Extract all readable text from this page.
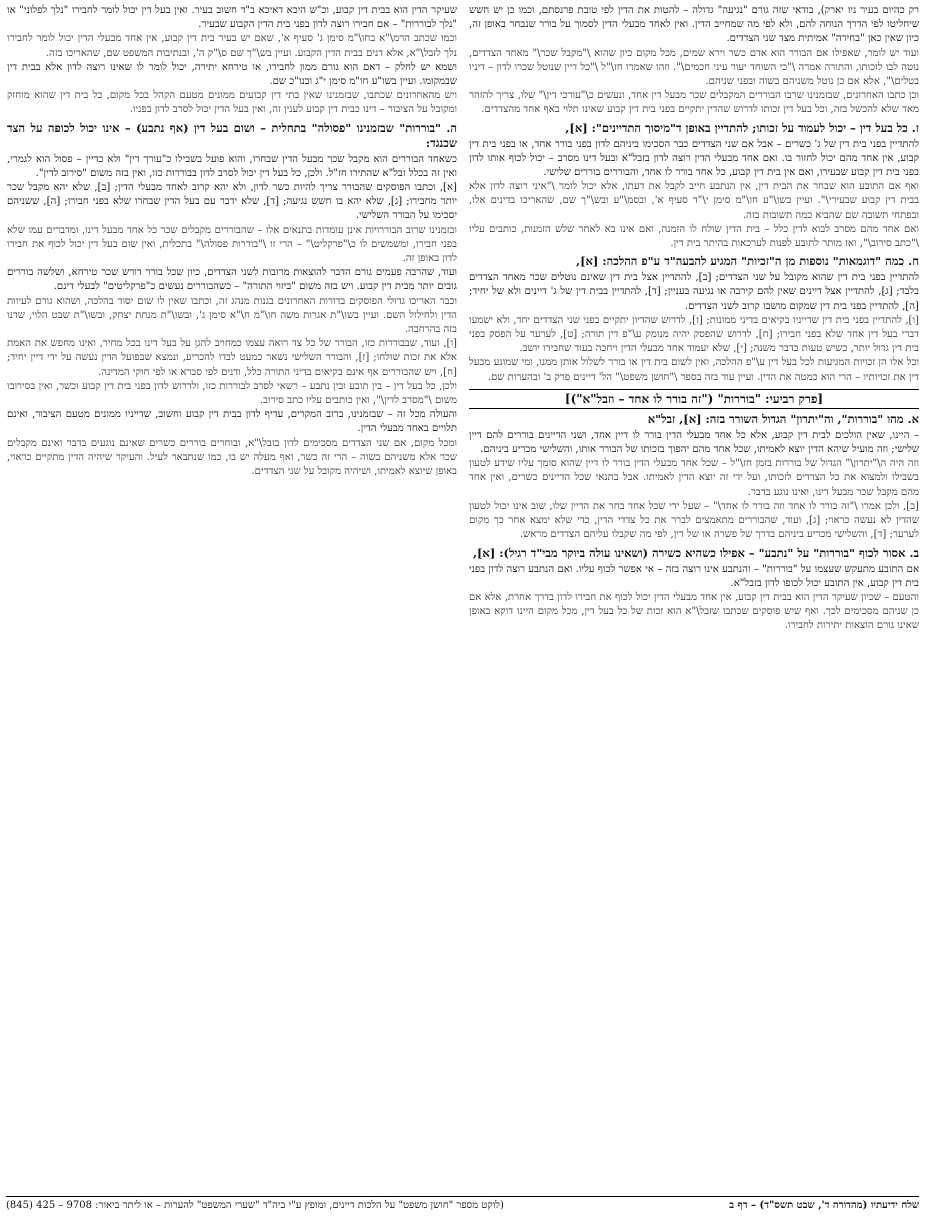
רק כהיום בעיר ניו יארק), בודאי שזה גורם "נגיעה" גדולה – להטות את הדין לפי טובת פרנסתם, וכמו כן יש חשש שיחליטו לפי הדרך הנוחה להם, ולא לפי מה שמחייב הדין. ואין לאחד מבעלי הדין לסמוך על בורר שנבחר באופן זה, כיון שאין כאן "בחירה" אמיתית מצד שני הצדדים.

ועוד יש לומר, שאפילו אם הבורר הוא אדם כשר וירא שמים, מכל מקום כיון שהוא \"מקבל שכר\" מאחד הצדדים, נוטה לבו לזכותו, והתורה אמרה \"כי השוחד יעור עיני חכמים\". וזהו שאמרו חז\"ל \"כל דיין שנוטל שכרו לדון – דיניו בטלים\", אלא אם כן נוטל משניהם בשוה ובפני שניהם.

וכן כתבו האחרונים, שבזמנינו שרבו הבוררים המקבלים שכר מבעל דין אחד, ונעשים כ\"עורכי דין\" שלו, צריך להזהר מאד שלא להכשל בזה, וכל בעל דין זכותו לדרוש שהדין יתקיים בפני בית דין קבוע שאינו תלוי באף אחד מהצדדים.

ז. כל בעל דין – יכול לעמוד על זכותו; להתדיין באופן ד"מיסוך התדיינים": [א],

להתדיין בפני בית דין של ג' כשרים – אבל אם שני הצדדים כבר הסכימו ביניהם לדון בפני בורר אחד, או בפני בית דין קבוע, אין אחד מהם יכול לחזור בו. ואם אחד מבעלי הדין רוצה לדון בזבל"א ובעל דינו מסרב – יכול לכוף אותו לדון בפני בית דין קבוע שבעירו, ואם אין בית דין קבוע, כל אחד בורר לו אחד, והבוררים בוררים שלישי.

ואף אם התובע הוא שבחר את הבית דין, אין הנתבע חייב לקבל את דעתו, אלא יכול לומר \"איני רוצה לדון אלא בבית דין קבוע שבעירי\". ועיין בשו\"ע חו\"מ סימן י\"ד סעיף א', ובסמ\"ע ובש\"ך שם, שהאריכו בדינים אלו, ובפתחי תשובה שם שהביא כמה תשובות בזה.

ואם אחד מהם מסרב לבוא לדין כלל – בית הדין שולח לו הזמנה, ואם אינו בא לאחר שלש הזמנות, כותבים עליו \"כתב סירוב\", ואז מותר לתובע לפנות לערכאות בהיתר בית דין.

ח. כמה "דוגמאות" נוספות מן ה"זכיות" המגיע להבעה"ד ע"פ ההלכה: [א],

להתדיין בפני בית דין שהוא מקובל על שני הצדדים; [ב], להתדיין אצל בית דין שאינם נוטלים שכר מאחד הצדדים בלבד; [ג], להתדיין אצל דיינים שאין להם קירבה או נגיעה בעניין; [ד], להתדיין בבית דין של ג' דיינים ולא של יחיד; [ה], להתדיין בפני בית דין שמקום מושבו קרוב לשני הצדדים.

[ו], להתדיין בפני בית דין שדייניו בקיאים בדיני ממונות; [ז], לדרוש שהדיון יתקיים בפני שני הצדדים יחד, ולא ישמעו דברי בעל דין אחד שלא בפני חבירו; [ח], לדרוש שהפסק יהיה מנומק ע\"פ דין תורה; [ט], לערער על הפסק בפני בית דין גדול יותר, כשיש טעות בדבר משנה; [י], שלא יעמוד אחד מבעלי הדין ויחכה בעוד שחבירו יושב.

וכל אלו הן זכויות המגיעות לכל בעל דין ע\"פ ההלכה, ואין לשום בית דין או בורר לשלול אותן ממנו, ומי שמונע מבעל דין את זכויותיו – הרי הוא כמטה את הדין. ועיין עוד בזה בספר \"חושן משפט\" הל' דיינים פרק ב' ובהערות שם.

[פרק רביעי: "בוררות" ("זה בורר לו אחד – וזבל"א")]
א. מהו "בוררות", וה"יתרון" הגדול השורר בזה: [א], זבל"א

– היינו, שאין הולכים לבית דין קבוע, אלא כל אחד מבעלי הדין בורר לו דיין אחד, ושני הדיינים בוררים להם דיין שלישי; וזה מועיל שיהא הדין יוצא לאמיתו, שכל אחד מהם יהפוך בזכותו של הבורר אותו, והשלישי מכריע ביניהם.

וזה היה ה\"יתרון\" הגדול של בוררות בזמן חז\"ל – שכל אחד מבעלי הדין בורר לו דיין שהוא סומך עליו שידע לטעון בשבילו ולמצוא את כל הצדדים לזכותו, ועל ידי זה יוצא הדין לאמיתו. אבל בתנאי שכל הדיינים כשרים, ואין אחד מהם מקבל שכר מבעל דינו, ואינו נוגע בדבר.

[ב], ולכן אמרו \"זה בורר לו אחד וזה בורר לו אחד\" – שעל ידי שכל אחד בחר את הדיין שלו, שוב אינו יכול לטעון שהדין לא נעשה כראוי; [ג], ועוד, שהבוררים מתאמצים לברר את כל צדדי הדין, כדי שלא ימצא אחר כך מקום לערער; [ד], והשלישי מכריע ביניהם בדרך של פשרה או של דין, לפי מה שקבלו עליהם הצדדים מראש.

ב. אסור לכוף "בוררות" על "נתבע" – אפילו כשהיא כשירה (ושאינו עולה ביוקר מבי"ד רגיל): [א],

אם התובע מתעקש שעצמו על "בוררות" – והנתבע אינו רוצה בזה – אי אפשר לכוף עליו. ואם הנתבע רוצה לדון בפני בית דין קבוע, אין התובע יכול לכופו לדון בזבל"א.

והטעם – שכיון שעיקר הדין הוא בבית דין קבוע, אין אחד מבעלי הדין יכול לכוף את חבירו לדון בדרך אחרת, אלא אם כן שניהם מסכימים לכך. ואף שיש פוסקים שכתבו שזבל\"א הוא זכות של כל בעל דין, מכל מקום היינו דוקא באופן שאינו גורם הוצאות יתירות לחבירו.

שעיקר הדין הוא בבית דין קבוע, וכ"ש היכא דאיכא ב"ד חשוב בעיר. ואין בעל דין יכול לומר לחבירו "נלך לפלוני" או "נלך לבוררות" – אם חבירו רוצה לדון בפני בית הדין הקבוע שבעיר.

וכמו שכתב הרמ\"א בחו\"מ סימן ג' סעיף א', שאם יש בעיר בית דין קבוע, אין אחד מבעלי הדין יכול לומר לחבירו נלך לזבל\"א, אלא דנים בבית הדין הקבוע. ועיין בש\"ך שם ס\"ק ה', ובנתיבות המשפט שם, שהאריכו בזה.

ושמא יש לחלק – דאם הוא גורם ממון לחבירו, או טירחא יתירה, יכול לומר לו שאינו רוצה לדון אלא בבית דין שבמקומו. ועיין בשו"ע חו"מ סימן י"ג ובנו"כ שם.

ויש מהאחרונים שכתבו, שבזמנינו שאין בתי דין קבועים ממונים מטעם הקהל בכל מקום, כל בית דין שהוא מוחזק ומקובל על הציבור – דינו כבית דין קבוע לענין זה, ואין בעל הדין יכול לסרב לדון בפניו.

ה. "בוררות" שבזמנינו "פסולה" בתחלית – ושום בעל דין (אף נתבע) – אינו יכול לכופה על הצד שכנגד:

כשאחד הבוררים הוא מקבל שכר מבעל הדין שבחרו, והוא פועל בשבילו כ"עורך דין" ולא כדיין – פסול הוא לגמרי, ואין זה בכלל זבל"א שהתירו חז"ל. ולכן, כל בעל דין יכול לסרב לדון בבוררות כזו, ואין בזה משום "סירוב לדין".

[א], וכתבו הפוסקים שהבורר צריך להיות כשר לדון, ולא יהא קרוב לאחד מבעלי הדין; [ב], שלא יהא מקבל שכר יותר מחבירו; [ג], שלא יהא בו חשש נגיעה; [ד], שלא ידבר עם בעל הדין שבחרו שלא בפני חבירו; [ה], ששניהם יסכימו על הבורר השלישי.

ובזמנינו שרוב הבוררויות אינן עומדות בתנאים אלו – שהבוררים מקבלים שכר כל אחד מבעל דינו, ומדברים עמו שלא בפני חבירו, ומשמשים לו כ\"פרקליט\" – הרי זו \"בוררות פסולה\" בתכלית, ואין שום בעל דין יכול לכוף את חבירו לדון באופן זה.

ועוד, שהרבה פעמים גורם הדבר להוצאות מרובות לשני הצדדים, כיון שכל בורר דורש שכר טירחא, ושלשה בוררים גובים יותר מבית דין קבוע. ויש בזה משום "ביזוי התורה" – כשהבוררים נעשים כ"פרקליטים" לבעלי דינם.

וכבר האריכו גדולי הפוסקים בדורות האחרונים בגנות מנהג זה, וכתבו שאין לו שום יסוד בהלכה, ושהוא גורם לעיוות הדין ולחילול השם. ועיין בשו\"ת אגרות משה חו\"מ ח\"א סימן ג', ובשו\"ת מנחת יצחק, ובשו\"ת שבט הלוי, שדנו בזה בהרחבה.

[ו], ועוד, שבבוררות כזו, הבורר של כל צד רואה עצמו כמחויב להגן על בעל דינו בכל מחיר, ואינו מחפש את האמת אלא את זכות שולחו; [ז], והבורר השלישי נשאר כמעט לבדו להכריע, ונמצא שבפועל הדין נעשה על ידי דיין יחיד; [ח], ויש שהבוררים אף אינם בקיאים בדיני התורה כלל, ודנים לפי סברא או לפי חוקי המדינה.

ולכן, כל בעל דין – בין תובע ובין נתבע – רשאי לסרב לבוררות כזו, ולדרוש לדון בפני בית דין קבוע וכשר, ואין בסירובו משום \"מסרב לדין\", ואין כותבים עליו כתב סירוב.

והעולה מכל זה – שבזמנינו, ברוב המקרים, עדיף לדון בבית דין קבוע וחשוב, שדייניו ממונים מטעם הציבור, ואינם תלויים באחד מבעלי הדין.

ומכל מקום, אם שני הצדדים מסכימים לדון בזבל\"א, ובוחרים בוררים כשרים שאינם נוגעים בדבר ואינם מקבלים שכר אלא משניהם בשוה – הרי זה כשר, ואף מעלה יש בו, כמו שנתבאר לעיל. והעיקר שיהיה הדין מתקיים כראוי, באופן שיוצא לאמיתו, ושיהיה מקובל על שני הצדדים.

שלח ידיעתיו (מהדורה ד', שבט תשס"ד) – דף ב
(לוקט מספר "חושן משפט" על הלכות דיינים, ומופץ ע"י ביה"ד "שערי המשפט" להערות – או ליתר ביאור: 9708 – 425 (845)
